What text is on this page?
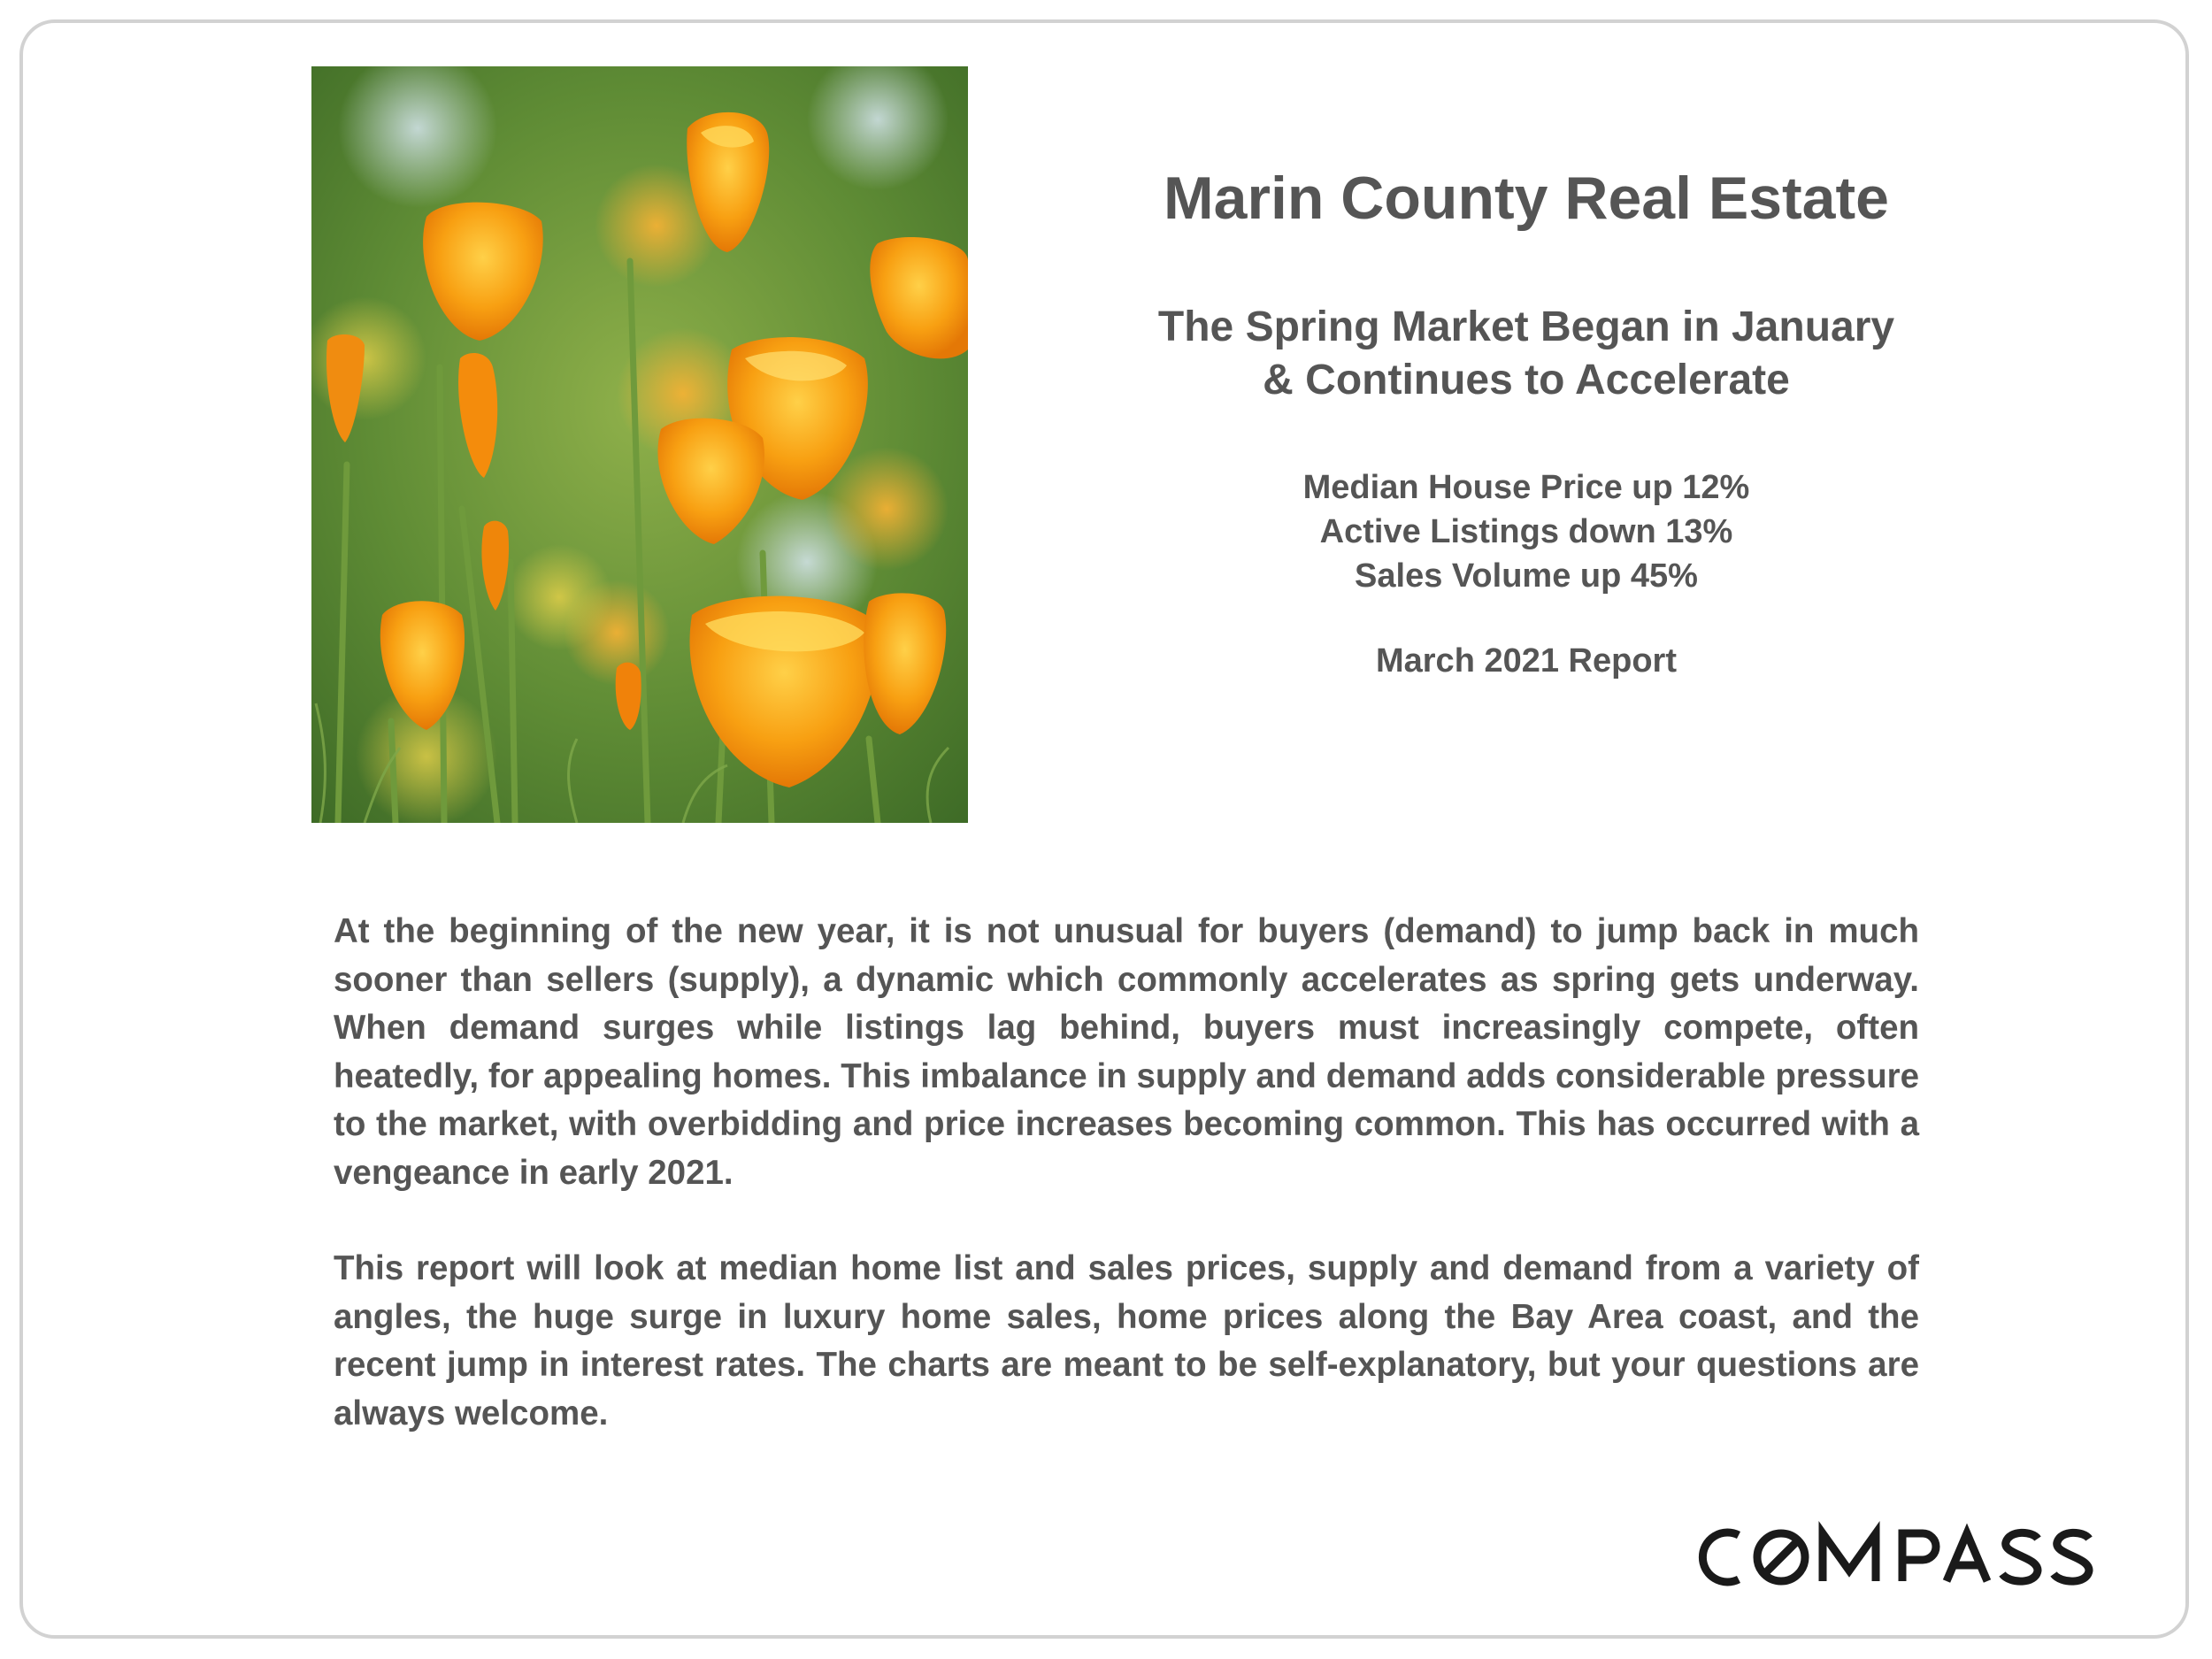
Marin County Real Estate
The Spring Market Began in January
& Continues to Accelerate
Median House Price up 12%
Active Listings down 13%
Sales Volume up 45%
March 2021 Report

At the beginning of the new year, it is not unusual for buyers (demand) to jump back in much sooner than sellers (supply), a dynamic which commonly accelerates as spring gets underway. When demand surges while listings lag behind, buyers must increasingly compete, often heatedly, for appealing homes. This imbalance in supply and demand adds considerable pressure to the market, with overbidding and price increases becoming common. This has occurred with a vengeance in early 2021.

This report will look at median home list and sales prices, supply and demand from a variety of angles, the huge surge in luxury home sales, home prices along the Bay Area coast, and the recent jump in interest rates. The charts are meant to be self-explanatory, but your questions are always welcome.
